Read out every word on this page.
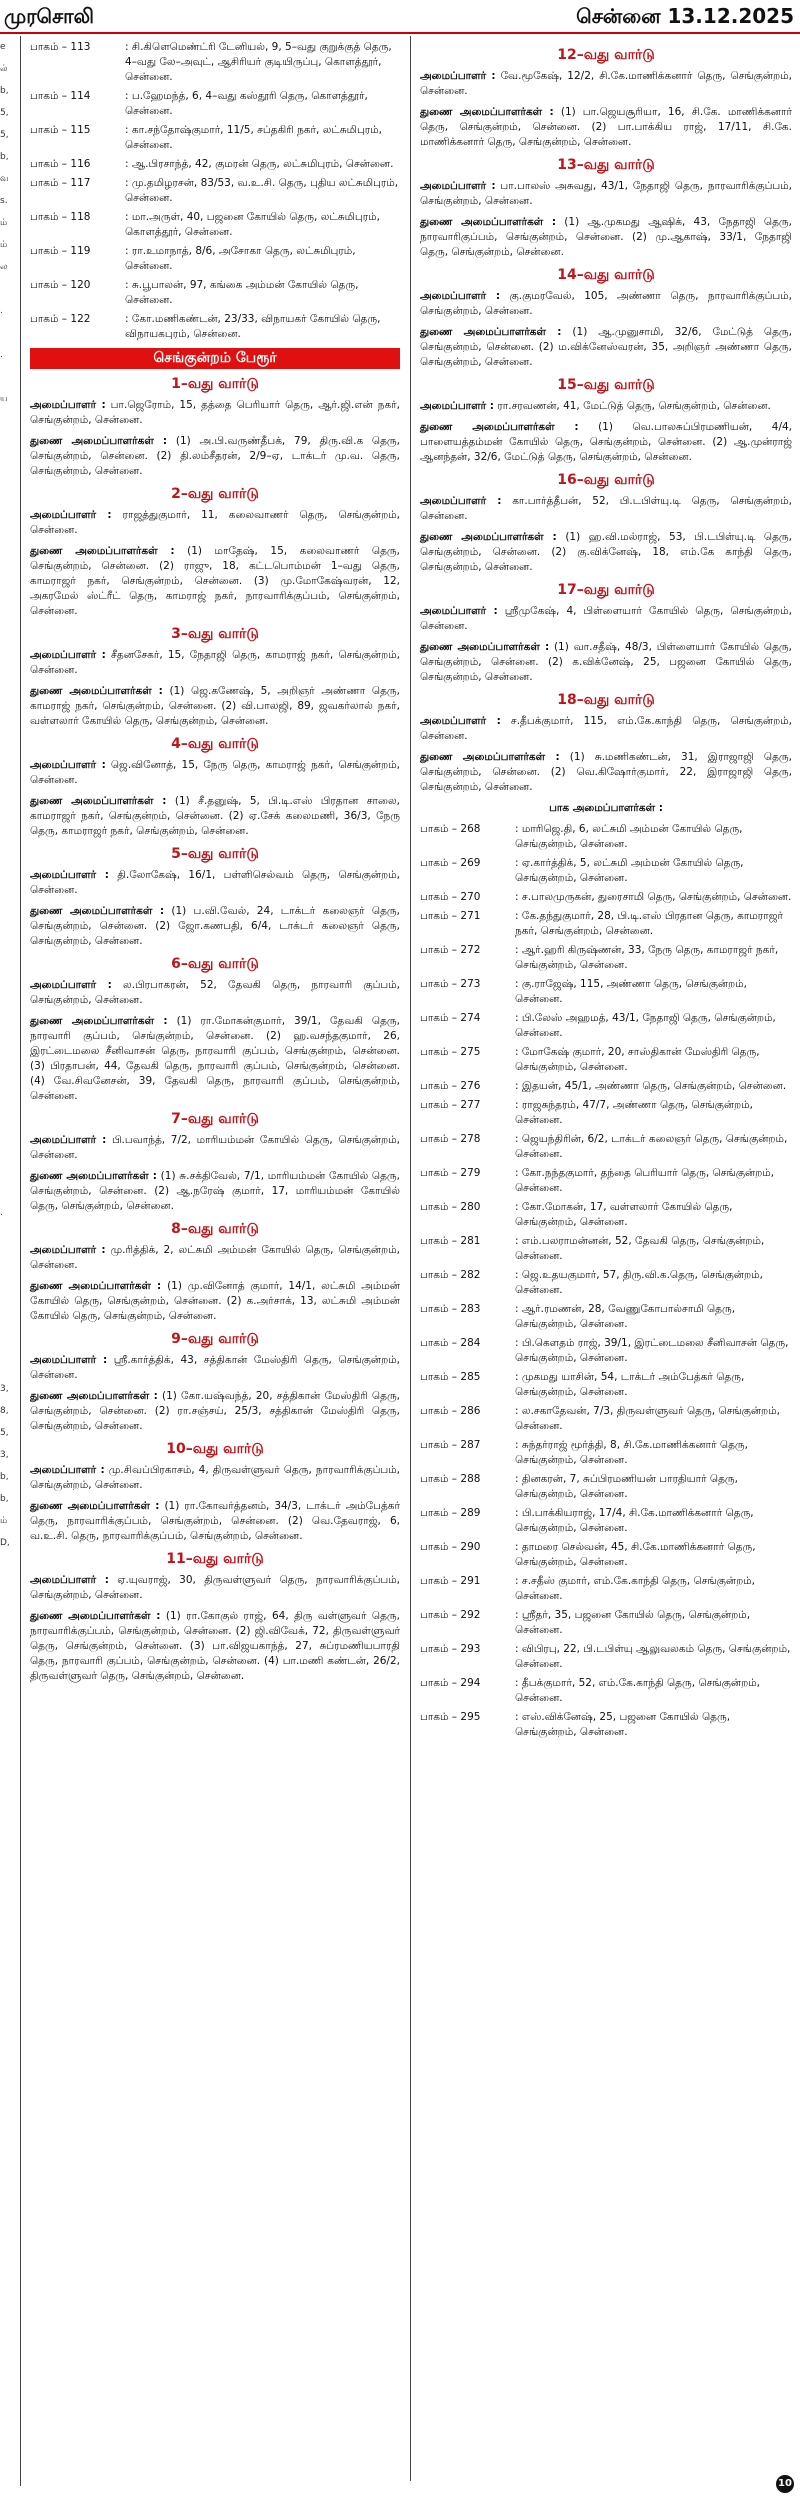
முரசொலி	சென்னை 13.12.2025
e
ல்
b,
5,
5,
b,
வ
s.
ம்
ம்
ல
.
.
ய
.
3,
8,
5,
3,
b,
b,
ம்
D,
பாகம் – 113	: சி.கிளெமெண்ட்ரி டேனியல், 9, 5–வது குறுக்குத் தெரு, 4–வது லே–அவுட், ஆசிரியர் குடியிருப்பு, கொளத்தூர், சென்னை.
பாகம் – 114	: ப.ஹேமந்த், 6, 4–வது கஸ்தூரி தெரு, கொளத்தூர், சென்னை.
பாகம் – 115	: கா.சந்தோஷ்குமார், 11/5, சப்தகிரி நகர், லட்சுமிபுரம், சென்னை.
பாகம் – 116	: ஆ.பிரசாந்த், 42, குமரன் தெரு, லட்சுமிபுரம், சென்னை.
பாகம் – 117	: மு.தமிழரசன், 83/53, வ.உ.சி. தெரு, புதிய லட்சுமிபுரம், சென்னை.
பாகம் – 118	: மா.அருள், 40, பஜனை கோயில் தெரு, லட்சுமிபுரம், கொளத்தூர், சென்னை.
பாகம் – 119	: ரா.உமாநாத், 8/6, அசோகா தெரு, லட்சுமிபுரம், சென்னை.
பாகம் – 120	: சு.பூபாலன், 97, கங்கை அம்மன் கோயில் தெரு, சென்னை.
பாகம் – 122	: கோ.மணிகண்டன், 23/33, விநாயகர் கோயில் தெரு, விநாயகபுரம், சென்னை.
செங்குன்றம் பேரூர்
1–வது வார்டு
அமைப்பாளர் : பா.ஜெரோம், 15, தத்தை பெரியார் தெரு, ஆர்.ஜி.என் நகர், செங்குன்றம், சென்னை.
துணை அமைப்பாளர்கள் : (1) அ.பி.வருண்தீபக், 79, திரு.வி.க தெரு, செங்குன்றம், சென்னை. (2) தி.லம்சீதரன், 2/9–ஏ, டாக்டர் மு.வ. தெரு, செங்குன்றம், சென்னை.
2–வது வார்டு
அமைப்பாளர் : ராஜத்துகுமார், 11, கலைவாணர் தெரு, செங்குன்றம், சென்னை.
துணை அமைப்பாளர்கள் : (1) மாதேஷ், 15, கலைவாணர் தெரு, செங்குன்றம், சென்னை. (2) ராஜு, 18, கட்டபொம்மன் 1–வது தெரு, காமராஜர் நகர், செங்குன்றம், சென்னை. (3) மு.மோகேஷ்வரன், 12, அகரமேல் ஸ்ட்ரீட் தெரு, காமராஜ் நகர், நாரவாரிக்குப்பம், செங்குன்றம், சென்னை.
3–வது வார்டு
அமைப்பாளர் : சீதனசேகர், 15, நேதாஜி தெரு, காமராஜ் நகர், செங்குன்றம், சென்னை.
துணை அமைப்பாளர்கள் : (1) ஜெ.கணேஷ், 5, அறிஞர் அண்ணா தெரு, காமராஜ் நகர், செங்குன்றம், சென்னை. (2) வி.பாலஜி, 89, ஜவகர்லால் நகர், வள்ளலார் கோயில் தெரு, செங்குன்றம், சென்னை.
4–வது வார்டு
அமைப்பாளர் : ஜெ.வினோத், 15, நேரு தெரு, காமராஜ் நகர், செங்குன்றம், சென்னை.
துணை அமைப்பாளர்கள் : (1) சீ.தனுஷ், 5, பி.டி.எஸ் பிரதான சாலை, காமராஜர் நகர், செங்குன்றம், சென்னை. (2) ஏ.சேக் கலைமணி, 36/3, நேரு தெரு, காமராஜர் நகர், செங்குன்றம், சென்னை.
5–வது வார்டு
அமைப்பாளர் : தி.லோகேஷ், 16/1, பள்ளிசெல்வம் தெரு, செங்குன்றம், சென்னை.
துணை அமைப்பாளர்கள் : (1) ப.வி.வேல், 24, டாக்டர் கலைஞர் தெரு, செங்குன்றம், சென்னை. (2) ஜோ.கணபதி, 6/4, டாக்டர் கலைஞர் தெரு, செங்குன்றம், சென்னை.
6–வது வார்டு
அமைப்பாளர் : ல.பிரபாகரன், 52, தேவகி தெரு, நாரவாரி குப்பம், செங்குன்றம், சென்னை.
துணை அமைப்பாளர்கள் : (1) ரா.மோகன்குமார், 39/1, தேவகி தெரு, நாரவாரி குப்பம், செங்குன்றம், சென்னை. (2) ஹ.வசந்தகுமார், 26, இரட்டைமலை சீனிவாசன் தெரு, நாரவாரி குப்பம், செங்குன்றம், சென்னை. (3) பிரதாபன், 44, தேவகி தெரு, நாரவாரி குப்பம், செங்குன்றம், சென்னை. (4) வே.சிவனேசன், 39, தேவகி தெரு, நாரவாரி குப்பம், செங்குன்றம், சென்னை.
7–வது வார்டு
அமைப்பாளர் : பி.பவாந்த், 7/2, மாரியம்மன் கோயில் தெரு, செங்குன்றம், சென்னை.
துணை அமைப்பாளர்கள் : (1) சு.சக்திவேல், 7/1, மாரியம்மன் கோயில் தெரு, செங்குன்றம், சென்னை. (2) ஆ.நரேஷ் குமார், 17, மாரியம்மன் கோயில் தெரு, செங்குன்றம், சென்னை.
8–வது வார்டு
அமைப்பாளர் : மு.ரித்திக், 2, லட்சுமி அம்மன் கோயில் தெரு, செங்குன்றம், சென்னை.
துணை அமைப்பாளர்கள் : (1) மு.வினோத் குமார், 14/1, லட்சுமி அம்மன் கோயில் தெரு, செங்குன்றம், சென்னை. (2) க.அர்சாக், 13, லட்சுமி அம்மன் கோயில் தெரு, செங்குன்றம், சென்னை.
9–வது வார்டு
அமைப்பாளர் : ஸ்ரீ.கார்த்திக், 43, சத்திகான் மேஸ்திரி தெரு, செங்குன்றம், சென்னை.
துணை அமைப்பாளர்கள் : (1) கோ.யஷ்வந்த், 20, சத்திகான் மேஸ்திரி தெரு, செங்குன்றம், சென்னை. (2) ரா.சஞ்சய், 25/3, சத்திகான் மேஸ்திரி தெரு, செங்குன்றம், சென்னை.
10–வது வார்டு
அமைப்பாளர் : மு.சிவப்பிரகாசம், 4, திருவள்ளுவர் தெரு, நாரவாரிக்குப்பம், செங்குன்றம், சென்னை.
துணை அமைப்பாளர்கள் : (1) ரா.கோவர்த்தனம், 34/3, டாக்டர் அம்பேத்கர் தெரு, நாரவாரிக்குப்பம், செங்குன்றம், சென்னை. (2) வெ.தேவராஜ், 6, வ.உ.சி. தெரு, நாரவாரிக்குப்பம், செங்குன்றம், சென்னை.
11–வது வார்டு
அமைப்பாளர் : ஏ.யுவராஜ், 30, திருவள்ளுவர் தெரு, நாரவாரிக்குப்பம், செங்குன்றம், சென்னை.
துணை அமைப்பாளர்கள் : (1) ரா.கோகுல் ராஜ், 64, திரு வள்ளுவர் தெரு, நாரவாரிக்குப்பம், செங்குன்றம், சென்னை. (2) ஜி.விவேக், 72, திருவள்ளுவர் தெரு, செங்குன்றம், சென்னை. (3) பா.விஜயகாந்த், 27, சுப்ரமணியபாரதி தெரு, நாரவாரி குப்பம், செங்குன்றம், சென்னை. (4) பா.மணி கண்டன், 26/2, திருவள்ளுவர் தெரு, செங்குன்றம், சென்னை.
12–வது வார்டு
அமைப்பாளர் : வே.மூகேஷ், 12/2, சி.கே.மாணிக்கனார் தெரு, செங்குன்றம், சென்னை.
துணை அமைப்பாளர்கள் : (1) பா.ஜெயசூரியா, 16, சி.கே. மாணிக்கனார் தெரு, செங்குன்றம், சென்னை. (2) பா.பாக்கிய ராஜ், 17/11, சி.கே. மாணிக்கனார் தெரு, செங்குன்றம், சென்னை.
13–வது வார்டு
அமைப்பாளர் : பா.பாலஸ் அசுவது, 43/1, நேதாஜி தெரு, நாரவாரிக்குப்பம், செங்குன்றம், சென்னை.
துணை அமைப்பாளர்கள் : (1) ஆ.முகமது ஆஷிக், 43, நேதாஜி தெரு, நாரவாரிகுப்பம், செங்குன்றம், சென்னை. (2) மு.ஆகாஷ், 33/1, நேதாஜி தெரு, செங்குன்றம், சென்னை.
14–வது வார்டு
அமைப்பாளர் : கு.குமரவேல், 105, அண்ணா தெரு, நாரவாரிக்குப்பம், செங்குன்றம், சென்னை.
துணை அமைப்பாளர்கள் : (1) ஆ.முனுசாமி, 32/6, மேட்டுத் தெரு, செங்குன்றம், சென்னை. (2) ம.விக்னேஸ்வரன், 35, அறிஞர் அண்ணா தெரு, செங்குன்றம், சென்னை.
15–வது வார்டு
அமைப்பாளர் : ரா.சரவணன், 41, மேட்டுத் தெரு, செங்குன்றம், சென்னை.
துணை அமைப்பாளர்கள் : (1) வெ.பாலசுப்பிரமணியன், 4/4, பாளையத்தம்மன் கோயில் தெரு, செங்குன்றம், சென்னை. (2) ஆ.முன்ராஜ் ஆனந்தன், 32/6, மேட்டுத் தெரு, செங்குன்றம், சென்னை.
16–வது வார்டு
அமைப்பாளர் : கா.பார்த்தீபன், 52, பி.டபிள்யு.டி தெரு, செங்குன்றம், சென்னை.
துணை அமைப்பாளர்கள் : (1) ஹ.வி.மல்ராஜ், 53, பி.டபிள்யு.டி தெரு, செங்குன்றம், சென்னை. (2) கு.விக்னேஷ், 18, எம்.கே காந்தி தெரு, செங்குன்றம், சென்னை.
17–வது வார்டு
அமைப்பாளர் : ஸ்ரீமுகேஷ், 4, பிள்ளையார் கோயில் தெரு, செங்குன்றம், சென்னை.
துணை அமைப்பாளர்கள் : (1) வா.சதீஷ், 48/3, பிள்ளையார் கோயில் தெரு, செங்குன்றம், சென்னை. (2) க.விக்னேஷ், 25, பஜனை கோயில் தெரு, செங்குன்றம், சென்னை.
18–வது வார்டு
அமைப்பாளர் : ச.தீபக்குமார், 115, எம்.கே.காந்தி தெரு, செங்குன்றம், சென்னை.
துணை அமைப்பாளர்கள் : (1) சு.மணிகண்டன், 31, இராஜாஜி தெரு, செங்குன்றம், சென்னை. (2) வெ.கிஷோர்குமார், 22, இராஜாஜி தெரு, செங்குன்றம், சென்னை.
பாக அமைப்பாளர்கள் :
பாகம் – 268	: மாரிஜெ.தி, 6, லட்சுமி அம்மன் கோயில் தெரு, செங்குன்றம், சென்னை.
பாகம் – 269	: ஏ.கார்த்திக், 5, லட்சுமி அம்மன் கோயில் தெரு, செங்குன்றம், சென்னை.
பாகம் – 270	: ச.பாலமுருகன், துரைசாமி தெரு, செங்குன்றம், சென்னை.
பாகம் – 271	: கே.தந்துகுமார், 28, பி.டி.எஸ் பிரதான தெரு, காமராஜர் நகர், செங்குன்றம், சென்னை.
பாகம் – 272	: ஆர்.ஹரி கிருஷ்ணன், 33, நேரு தெரு, காமராஜர் நகர், செங்குன்றம், சென்னை.
பாகம் – 273	: கு.ராஜேஷ், 115, அண்ணா தெரு, செங்குன்றம், சென்னை.
பாகம் – 274	: பி.லேஸ் அஹமத், 43/1, நேதாஜி தெரு, செங்குன்றம், சென்னை.
பாகம் – 275	: மோகேஷ் குமார், 20, சாஸ்திகான் மேஸ்திரி தெரு, செங்குன்றம், சென்னை.
பாகம் – 276	: இதயன், 45/1, அண்ணா தெரு, செங்குன்றம், சென்னை.
பாகம் – 277	: ராஜசுந்தரம், 47/7, அண்ணா தெரு, செங்குன்றம், சென்னை.
பாகம் – 278	: ஜெயந்திரின், 6/2, டாக்டர் கலைஞர் தெரு, செங்குன்றம், சென்னை.
பாகம் – 279	: கோ.நந்தகுமார், தந்தை பெரியார் தெரு, செங்குன்றம், சென்னை.
பாகம் – 280	: கோ.மோகன், 17, வள்ளலார் கோயில் தெரு, செங்குன்றம், சென்னை.
பாகம் – 281	: எம்.பலராமன்னன், 52, தேவகி தெரு, செங்குன்றம், சென்னை.
பாகம் – 282	: ஜெ.உதயகுமார், 57, திரு.வி.க.தெரு, செங்குன்றம், சென்னை.
பாகம் – 283	: ஆர்.ரமணன், 28, வேணுகோபால்சாமி தெரு, செங்குன்றம், சென்னை.
பாகம் – 284	: பி.கௌதம் ராஜ், 39/1, இரட்டைமலை சீனிவாசன் தெரு, செங்குன்றம், சென்னை.
பாகம் – 285	: முகமது யாசின், 54, டாக்டர் அம்பேத்கர் தெரு, செங்குன்றம், சென்னை.
பாகம் – 286	: ல.சகாதேவன், 7/3, திருவள்ளுவர் தெரு, செங்குன்றம், சென்னை.
பாகம் – 287	: சுந்தர்ராஜ் மூர்த்தி, 8, சி.கே.மாணிக்கனார் தெரு, செங்குன்றம், சென்னை.
பாகம் – 288	: தினகரன், 7, சுப்பிரமணியன் பாரதியார் தெரு, செங்குன்றம், சென்னை.
பாகம் – 289	: பி.பாக்கியராஜ், 17/4, சி.கே.மாணிக்கனார் தெரு, செங்குன்றம், சென்னை.
பாகம் – 290	: தாமரை செல்வன், 45, சி.கே.மாணிக்கனார் தெரு, செங்குன்றம், சென்னை.
பாகம் – 291	: ச.சதீஸ் குமார், எம்.கே.காந்தி தெரு, செங்குன்றம், சென்னை.
பாகம் – 292	: ஸ்ரீதர், 35, பஜனை கோயில் தெரு, செங்குன்றம், சென்னை.
பாகம் – 293	: விபிரபு, 22, பி.டபிள்யு ஆலுவலகம் தெரு, செங்குன்றம், சென்னை.
பாகம் – 294	: தீபக்குமார், 52, எம்.கே.காந்தி தெரு, செங்குன்றம், சென்னை.
பாகம் – 295	: எஸ்.விக்னேஷ், 25, பஜனை கோயில் தெரு, செங்குன்றம், சென்னை.
10
